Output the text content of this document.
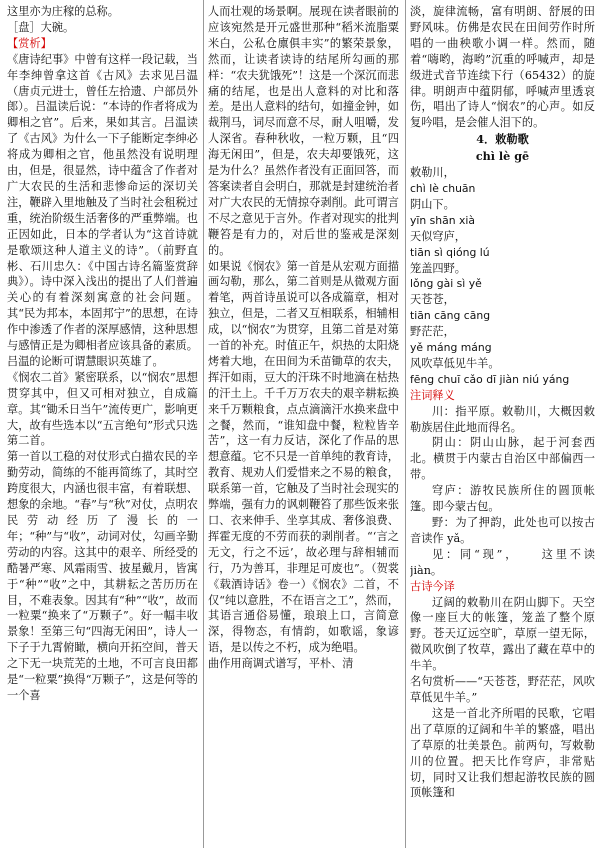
这里亦为庄稼的总称。

［盘］大碗。

【赏析】

《唐诗纪事》中曾有这样一段记载，当年李绅曾拿这首《古风》去求见吕温（唐贞元进士，曾任左拾遗、户部员外郎）。吕温读后说：“本诗的作者将成为卿相之官”。后来，果如其言。吕温读了《古风》为什么一下子能断定李绅必将成为卿相之官，他虽然没有说明理由，但是，很显然，诗中蕴含了作者对广大农民的生活和悲惨命运的深切关注，鞭辟入里地触及了当时社会租税过重，统治阶级生活奢侈的严重弊端。也正因如此，日本的学者认为“这首诗就是歌颂这种人道主义的诗”。（前野直彬、石川忠久：《中国古诗名篇鉴赏辞典》）。诗中深入浅出的提出了人们普遍关心的有着深刻寓意的社会问题。其“民为邦本，本固邦宁”的思想，在诗作中渗透了作者的深厚感情，这种思想与感情正是为卿相者应该具备的素质。吕温的论断可谓慧眼识英雄了。

《悯农二首》紧密联系，以“悯农”思想贯穿其中，但又可相对独立，自成篇章。其“锄禾日当午”流传更广，影响更大，故有些选本以“五言绝句”形式只选第二首。

第一首以工稳的对仗形式白描农民的辛勤劳动，简练的不能再简练了，其时空跨度很大，内涵也很丰富，有着联想、想象的余地。“春”与“秋”对仗，点明农民劳动经历了漫长的一年；“种”与“收”，动词对仗，勾画辛勤劳动的内容。这其中的艰辛、所经受的酷暑严寒、风霜雨雪、披星戴月，皆寓于“种”“收”之中，其耕耘之苦历历在目，不难表象。因其有“种”“收”，故而一粒粟“换来了“万颗子”。好一幅丰收景象！至第三句“四海无闲田”，诗人一下子于九霄俯瞰，横向开拓空间，普天之下无一块荒芜的土地，不可言良田都是“一粒粟”换得“万颗子”，这是何等的一个喜

人而壮观的场景啊。展现在读者眼前的应该宛然是开元盛世那种“稻米流脂粟米白，公私仓廪俱丰实”的繁荣景象，然而，让读者读诗的结尾所勾画的那样：“农夫犹饿死”！这是一个深沉而悲痛的结尾，也是出人意料的对比和落差。是出人意料的结句，如撞金钟，如裁荆马，词尽而意不尽，耐人咀嚼，发人深省。春种秋收，一粒万颗，且“四海无闲田”，但是，农夫却要饿死，这是为什么？虽然作者没有正面回答，而答案读者自会明白，那就是封建统治者对广大农民的无情掠夺剥削。此可谓言不尽之意见于言外。作者对现实的批判鞭笞是有力的，对后世的鉴戒是深刻的。

如果说《悯农》第一首是从宏观方面描画勾勒，那么，第二首则是从微观方面着笔，两首诗虽说可以各成篇章，相对独立，但是，二者又互相联系，相辅相成，以“悯农”为贯穿，且第二首是对第一首的补充。时值正午，炽热的太阳烧烤着大地，在田间为禾苗锄草的农夫，挥汗如雨，豆大的汗珠不时地滴在枯热的汗土上。千千万万农夫的艰辛耕耘换来千万颗粮食，点点滴滴汗水换来盘中之餐，然而，“谁知盘中餐，粒粒皆辛苦”，这一有力反诘，深化了作品的思想意蕴。它不只是一首单纯的教育诗，教育、规劝人们爱惜来之不易的粮食，联系第一首，它触及了当时社会现实的弊端，强有力的讽刺鞭笞了那些饭来张口、衣来伸手、坐享其成、奢侈浪费、挥霍无度的不劳而获的剥削者。“‘言之无文，行之不远’，故必理与辞相辅而行，乃为善耳，非理足可废也”。（贺裳《载酒诗话》卷一）《悯农》二首，不仅“纯以意胜，不在语言之工”，然而，其语言通俗易懂，琅琅上口，言简意深，得物态，有情韵，如歌谣，象谚语，是以传之不朽，成为绝唱。

曲作用商调式谱写，平朴、清

淡，旋律流畅，富有明朗、舒展的田野风味。仿佛是农民在田间劳作时所唱的一曲秧歌小调一样。然而，随着“嗨哟，海哟”沉重的呼喊声，却是级进式音节连续下行（65432）的旋律。明朗声中蕴阴郁，呼喊声里透哀伤，唱出了诗人“悯农”的心声。如反复吟唱，是会催人泪下的。

4．敕勒歌

chì lè gē

敕勒川，

chì lè chuān

阴山下。

yīn shān xià

天似穹庐，

tiān sì qióng lú

笼盖四野。

lǒng gài sì yě

天苍苍，

tiān cāng cāng

野茫茫，

yě máng máng

风吹草低见牛羊。

fēng chuī cǎo dī jiàn niú yáng

注词释义

川：指平原。敕勒川，大概因敕勒族居住此地而得名。

阴山：阴山山脉，起于河套西北。横贯于内蒙古自治区中部偏西一带。

穹庐：游牧民族所住的圆顶帐篷。即今蒙古包。

野：为了押韵，此处也可以按古音读作 yǎ。

见：同“现”，　　这里不读 jiàn。

古诗今译

辽阔的敕勒川在阴山脚下。天空像一座巨大的帐篷，笼盖了整个原野。苍天辽远空旷，草原一望无际，微风吹倒了牧草，露出了藏在草中的牛羊。

名句赏析——“天苍苍，野茫茫，风吹草低见牛羊。”

这是一首北齐所唱的民歌，它唱出了草原的辽阔和牛羊的繁盛，唱出了草原的壮美景色。前两句，写敕勒川的位置。把天比作穹庐，非常贴切，同时又让我们想起游牧民族的圆顶帐篷和
